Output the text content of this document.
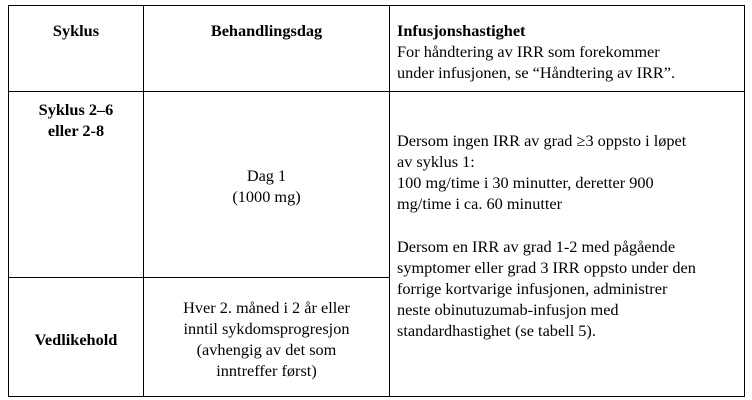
Syklus	Behandlingsdag	Infusjonshastighet
For håndtering av IRR som forekommer
under infusjonen, se “Håndtering av IRR”.
Syklus 2–6
eller 2-8
Dag 1
(1000 mg)
Vedlikehold
Hver 2. måned i 2 år eller
inntil sykdomsprogresjon
(avhengig av det som
inntreffer først)
Dersom ingen IRR av grad ≥3 oppsto i løpet
av syklus 1:
100 mg/time i 30 minutter, deretter 900
mg/time i ca. 60 minutter
Dersom en IRR av grad 1-2 med pågående
symptomer eller grad 3 IRR oppsto under den
forrige kortvarige infusjonen, administrer
neste obinutuzumab-infusjon med
standardhastighet (se tabell 5).
